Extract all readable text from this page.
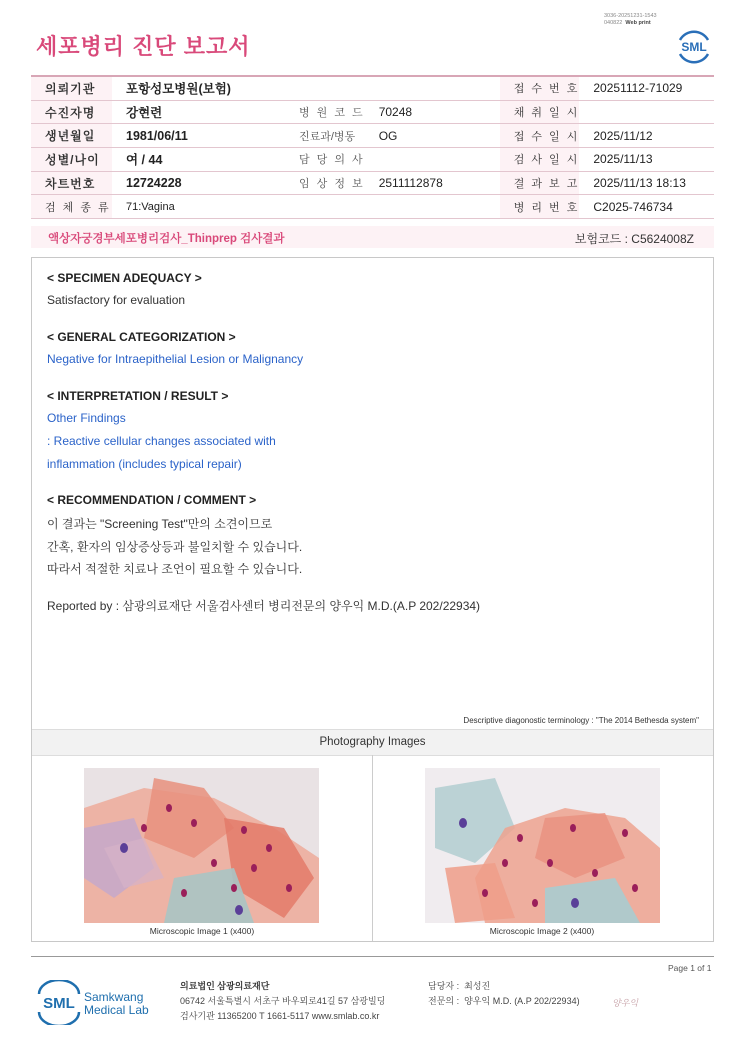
3036-20251231-1543
040822 Web print
세포병리 진단 보고서	SML
의뢰기관	포항성모병원(보험)			접 수 번 호	20251112-71029
수진자명	강현련	병 원 코 드	70248	채 취 일 시	
생년월일	1981/06/11	진료과/병동	OG	접 수 일 시	2025/11/12
성별/나이	여 / 44	담 당 의 사		검 사 일 시	2025/11/13
차트번호	12724228	임 상 정 보	2511112878	결 과 보 고	2025/11/13 18:13
검 체 종 류	71:Vagina			병 리 번 호	C2025-746734
액상자궁경부세포병리검사_Thinprep 검사결과	보험코드 : C5624008Z
< SPECIMEN ADEQUACY >
Satisfactory for evaluation
< GENERAL CATEGORIZATION >
Negative for Intraepithelial Lesion or Malignancy
< INTERPRETATION / RESULT >
Other Findings
: Reactive cellular changes associated with
inflammation (includes typical repair)
< RECOMMENDATION / COMMENT >
이 결과는 "Screening Test"만의 소견이므로
간혹, 환자의 임상증상등과 불일치할 수 있습니다.
따라서 적절한 치료나 조언이 필요할 수 있습니다.
Reported by : 삼광의료재단 서울검사센터 병리전문의 양우익 M.D.(A.P 202/22934)
Descriptive diagonostic terminology : "The 2014 Bethesda system"
Photography Images
Microscopic Image 1 (x400)	Microscopic Image 2 (x400)
Page 1 of 1
SML Samkwang
Medical Lab
의료법인 삼광의료재단
06742 서울특별시 서초구 바우뫼로41길 57 삼광빌딩
검사기관 11365200 T 1661-5117 www.smlab.co.kr
담당자 : 최성진
전문의 : 양우익 M.D. (A.P 202/22934)	양우익
